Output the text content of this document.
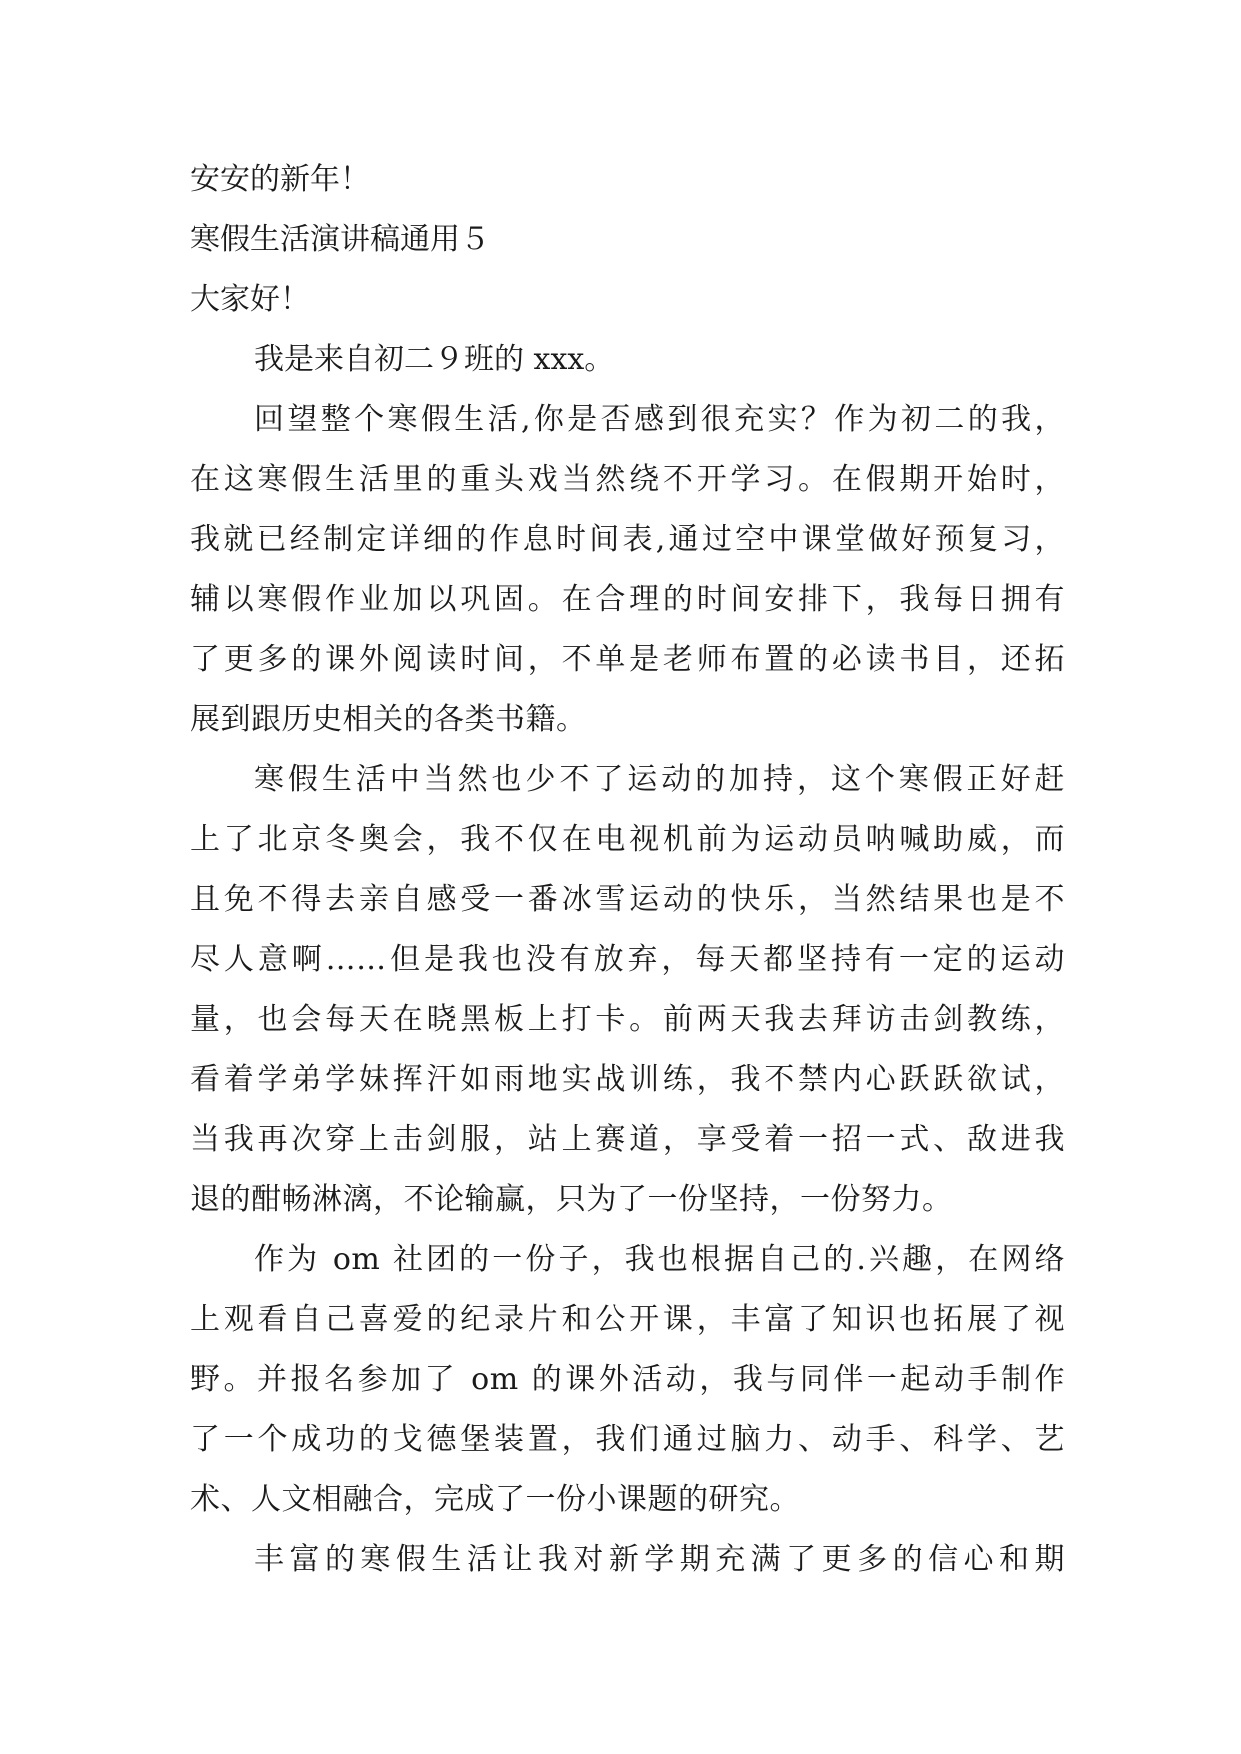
安安的新年！
寒假生活演讲稿通用５
大家好！
我是来自初二９班的 xxx。
回望整个寒假生活,你是否感到很充实？作为初二的我，
在这寒假生活里的重头戏当然绕不开学习。在假期开始时，
我就已经制定详细的作息时间表,通过空中课堂做好预复习，
辅以寒假作业加以巩固。在合理的时间安排下，我每日拥有
了更多的课外阅读时间，不单是老师布置的必读书目，还拓
展到跟历史相关的各类书籍。
寒假生活中当然也少不了运动的加持，这个寒假正好赶
上了北京冬奥会，我不仅在电视机前为运动员呐喊助威，而
且免不得去亲自感受一番冰雪运动的快乐，当然结果也是不
尽人意啊……但是我也没有放弃，每天都坚持有一定的运动
量，也会每天在晓黑板上打卡。前两天我去拜访击剑教练，
看着学弟学妹挥汗如雨地实战训练，我不禁内心跃跃欲试，
当我再次穿上击剑服，站上赛道，享受着一招一式、敌进我
退的酣畅淋漓，不论输赢，只为了一份坚持，一份努力。
作为 om 社团的一份子，我也根据自己的.兴趣，在网络
上观看自己喜爱的纪录片和公开课，丰富了知识也拓展了视
野。并报名参加了 om 的课外活动，我与同伴一起动手制作
了一个成功的戈德堡装置，我们通过脑力、动手、科学、艺
术、人文相融合，完成了一份小课题的研究。
丰富的寒假生活让我对新学期充满了更多的信心和期
